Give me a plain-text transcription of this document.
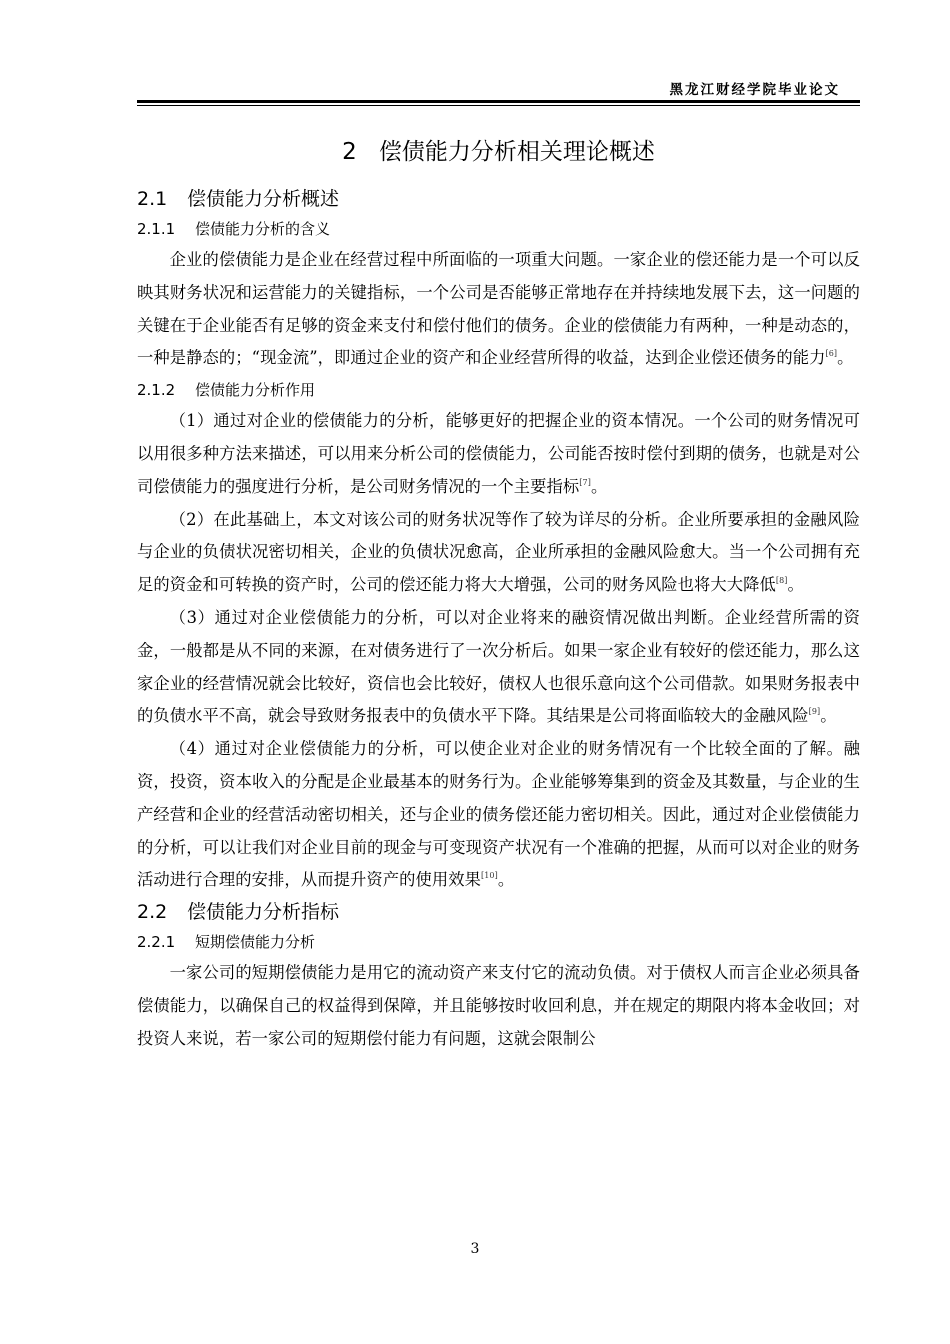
黑龙江财经学院毕业论文
2 偿债能力分析相关理论概述
2.1 偿债能力分析概述
2.1.1 偿债能力分析的含义

企业的偿债能力是企业在经营过程中所面临的一项重大问题。一家企业的偿还能力是一个可以反映其财务状况和运营能力的关键指标，一个公司是否能够正常地存在并持续地发展下去，这一问题的关键在于企业能否有足够的资金来支付和偿付他们的债务。企业的偿债能力有两种，一种是动态的，一种是静态的；“现金流”，即通过企业的资产和企业经营所得的收益，达到企业偿还债务的能力[6]。

2.1.2 偿债能力分析作用

（1）通过对企业的偿债能力的分析，能够更好的把握企业的资本情况。一个公司的财务情况可以用很多种方法来描述，可以用来分析公司的偿债能力，公司能否按时偿付到期的债务，也就是对公司偿债能力的强度进行分析，是公司财务情况的一个主要指标[7]。

（2）在此基础上，本文对该公司的财务状况等作了较为详尽的分析。企业所要承担的金融风险与企业的负债状况密切相关，企业的负债状况愈高，企业所承担的金融风险愈大。当一个公司拥有充足的资金和可转换的资产时，公司的偿还能力将大大增强，公司的财务风险也将大大降低[8]。

（3）通过对企业偿债能力的分析，可以对企业将来的融资情况做出判断。企业经营所需的资金，一般都是从不同的来源，在对债务进行了一次分析后。如果一家企业有较好的偿还能力，那么这家企业的经营情况就会比较好，资信也会比较好，债权人也很乐意向这个公司借款。如果财务报表中的负债水平不高，就会导致财务报表中的负债水平下降。其结果是公司将面临较大的金融风险[9]。

（4）通过对企业偿债能力的分析，可以使企业对企业的财务情况有一个比较全面的了解。融资，投资，资本收入的分配是企业最基本的财务行为。企业能够筹集到的资金及其数量，与企业的生产经营和企业的经营活动密切相关，还与企业的债务偿还能力密切相关。因此，通过对企业偿债能力的分析，可以让我们对企业目前的现金与可变现资产状况有一个准确的把握，从而可以对企业的财务活动进行合理的安排，从而提升资产的使用效果[10]。

2.2 偿债能力分析指标
2.2.1 短期偿债能力分析

一家公司的短期偿债能力是用它的流动资产来支付它的流动负债。对于债权人而言企业必须具备偿债能力，以确保自己的权益得到保障，并且能够按时收回利息，并在规定的期限内将本金收回；对投资人来说，若一家公司的短期偿付能力有问题，这就会限制公

3
